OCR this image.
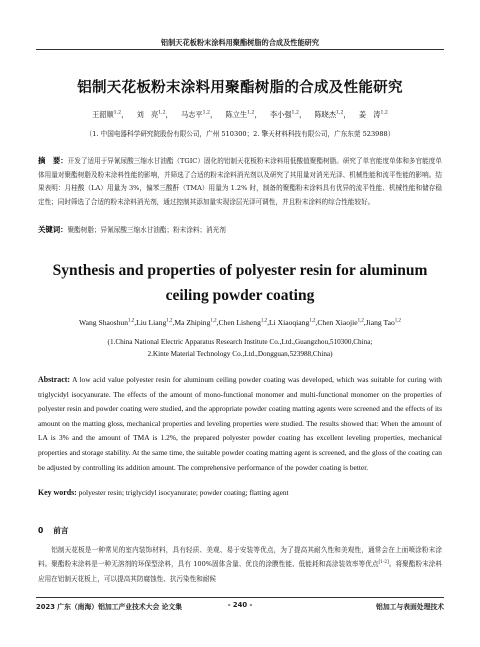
铝制天花板粉末涂料用聚酯树脂的合成及性能研究
铝制天花板粉末涂料用聚酯树脂的合成及性能研究
王韶顺$^{1,2}$， 刘　亮$^{1,2}$， 马志平$^{1,2}$， 陈立生$^{1,2}$， 李小强$^{1,2}$， 陈晓杰$^{1,2}$， 姜　涛$^{1,2}$
（1. 中国电器科学研究院股份有限公司，广州 510300；2. 擎天材料科技有限公司，广东东莞 523988）
摘　要：开发了适用于异氰尿酸三缩水甘油酯（TGIC）固化的铝制天花板粉末涂料用低酸值聚酯树脂。研究了单官能度单体和多官能度单体用量对聚酯树脂及粉末涂料性能的影响，并筛选了合适的粉末涂料消光剂以及研究了其用量对消光光泽、机械性能和流平性能的影响。结果表明：月桂酸（LA）用量为 3%，偏苯三酸酐（TMA）用量为 1.2% 时，制备的聚酯粉末涂料具有优异的流平性能、机械性能和储存稳定性；同时筛选了合适的粉末涂料消光剂，通过控制其添加量实现涂层光泽可调性，并且粉末涂料的综合性能较好。
关键词：聚酯树脂；异氰尿酸三缩水甘油酯；粉末涂料；消光剂
Synthesis and properties of polyester resin for aluminum ceiling powder coating
Wang Shaoshun$^{1,2}$,Liu Liang$^{1,2}$,Ma Zhiping$^{1,2}$,Chen Lisheng$^{1,2}$,Li Xiaoqiang$^{1,2}$,Chen Xiaojie$^{1,2}$,Jiang Tao$^{1,2}$
(1.China National Electric Apparatus Research Institute Co.,Ltd.,Guangzhou,510300,China;
2.Kinte Material Technology Co.,Ltd.,Dongguan,523988,China)
Abstract: A low acid value polyester resin for aluminum ceiling powder coating was developed, which was suitable for curing with triglycidyl isocyanurate. The effects of the amount of mono-functional monomer and multi-functional monomer on the properties of polyester resin and powder coating were studied, and the appropriate powder coating matting agents were screened and the effects of its amount on the matting gloss, mechanical properties and leveling properties were studied. The results showed that: When the amount of LA is 3% and the amount of TMA is 1.2%, the prepared polyester powder coating has excellent leveling properties, mechanical properties and storage stability. At the same time, the suitable powder coating matting agent is screened, and the gloss of the coating can be adjusted by controlling its addition amount. The comprehensive performance of the powder coating is better.
Key words: polyester resin; triglycidyl isocyanurate; powder coating; flatting agent
0 前言
铝制天花板是一种常见的室内装饰材料，具有轻质、美观、易于安装等优点，为了提高其耐久性和美观性，通常会在上面喷涂粉末涂料。聚酯粉末涂料是一种无溶剂的环保型涂料，具有 100%固体含量、优良的涂膜性能、低能耗和高涂装效率等优点[1-2]。将聚酯粉末涂料应用在铝制天花板上，可以提高其防腐蚀性、抗污染性和耐候
2023 广东（南海）铝加工产业技术大会 论文集	- 240 -	铝加工与表面处理技术
